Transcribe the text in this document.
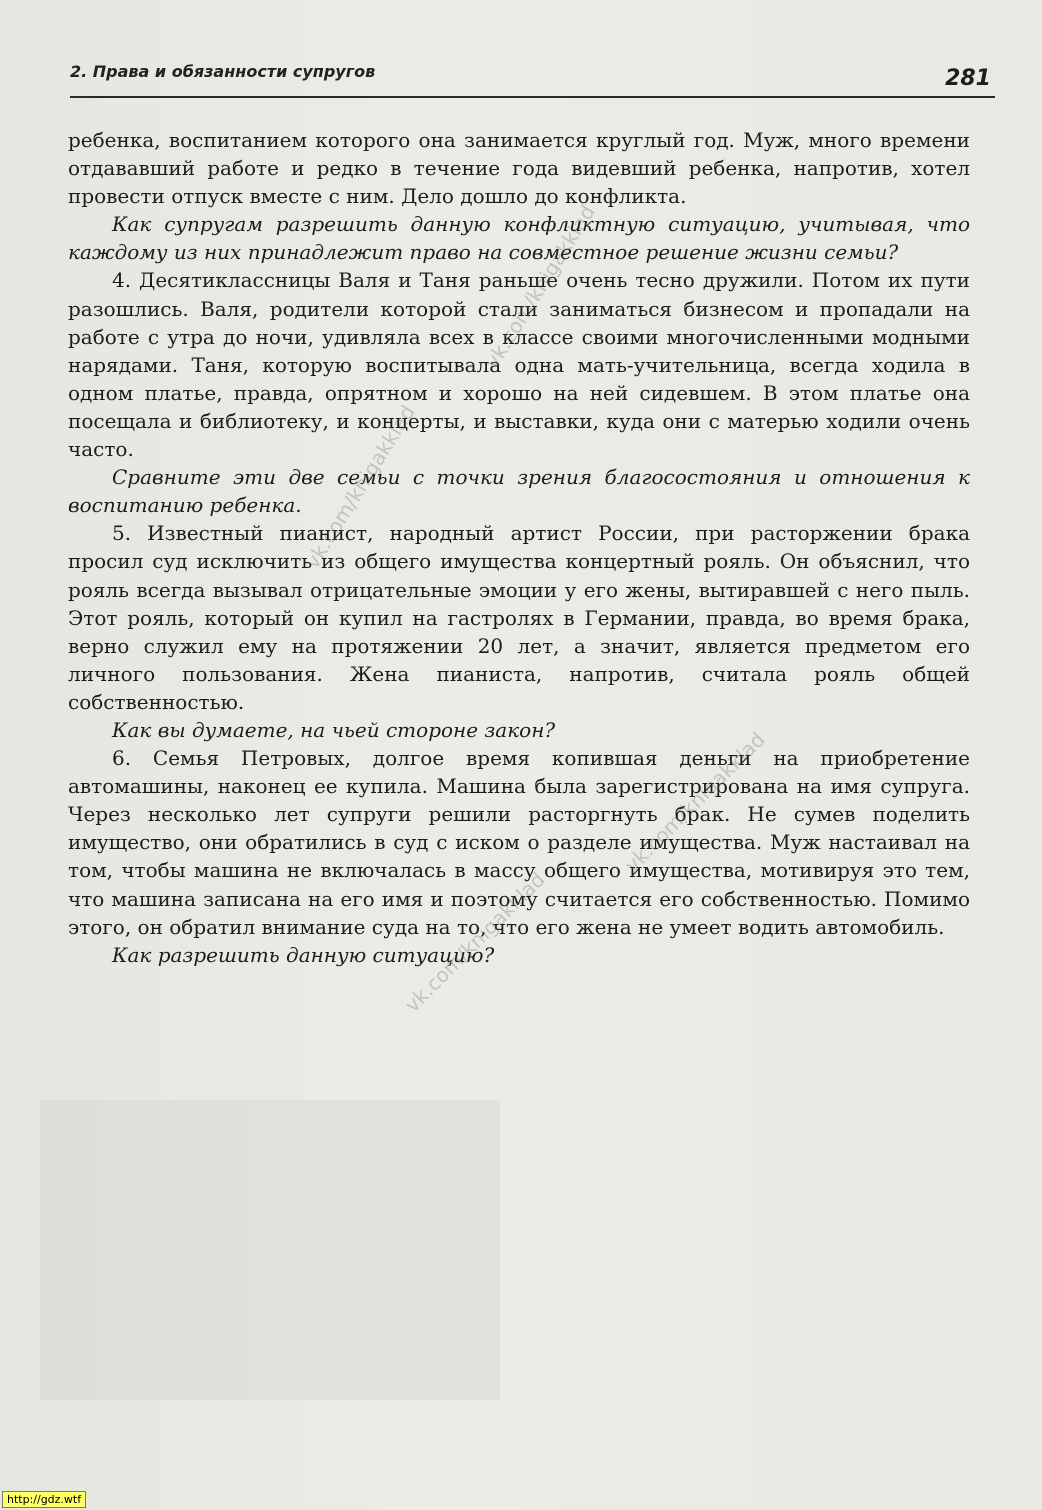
2. Права и обязанности супругов	281

ребенка, воспитанием которого она занимается круглый год. Муж, много времени отдававший работе и редко в течение года видевший ребенка, напротив, хотел провести отпуск вместе с ним. Дело дошло до конфликта.

Как супругам разрешить данную конфликтную ситуацию, учитывая, что каждому из них принадлежит право на совместное решение жизни семьи?

4. Десятиклассницы Валя и Таня раньше очень тесно дружили. Потом их пути разошлись. Валя, родители которой стали заниматься бизнесом и пропадали на работе с утра до ночи, удивляла всех в классе своими многочисленными модными нарядами. Таня, которую воспитывала одна мать-учительница, всегда ходила в одном платье, правда, опрятном и хорошо на ней сидевшем. В этом платье она посещала и библиотеку, и концерты, и выставки, куда они с матерью ходили очень часто.

Сравните эти две семьи с точки зрения благосостояния и отношения к воспитанию ребенка.

5. Известный пианист, народный артист России, при расторжении брака просил суд исключить из общего имущества концертный рояль. Он объяснил, что рояль всегда вызывал отрицательные эмоции у его жены, вытиравшей с него пыль. Этот рояль, который он купил на гастролях в Германии, правда, во время брака, верно служил ему на протяжении 20 лет, а значит, является предметом его личного пользования. Жена пианиста, напротив, считала рояль общей собственностью.

Как вы думаете, на чьей стороне закон?

6. Семья Петровых, долгое время копившая деньги на приобретение автомашины, наконец ее купила. Машина была зарегистрирована на имя супруга. Через несколько лет супруги решили расторгнуть брак. Не сумев поделить имущество, они обратились в суд с иском о разделе имущества. Муж настаивал на том, чтобы машина не включалась в массу общего имущества, мотивируя это тем, что машина записана на его имя и поэтому считается его собственностью. Помимо этого, он обратил внимание суда на то, что его жена не умеет водить автомобиль.

Как разрешить данную ситуацию?

vk.com/knigakklad
vk.com/knigakklad
vk.com/knigakklad
vk.com/knigakklad
http://gdz.wtf
